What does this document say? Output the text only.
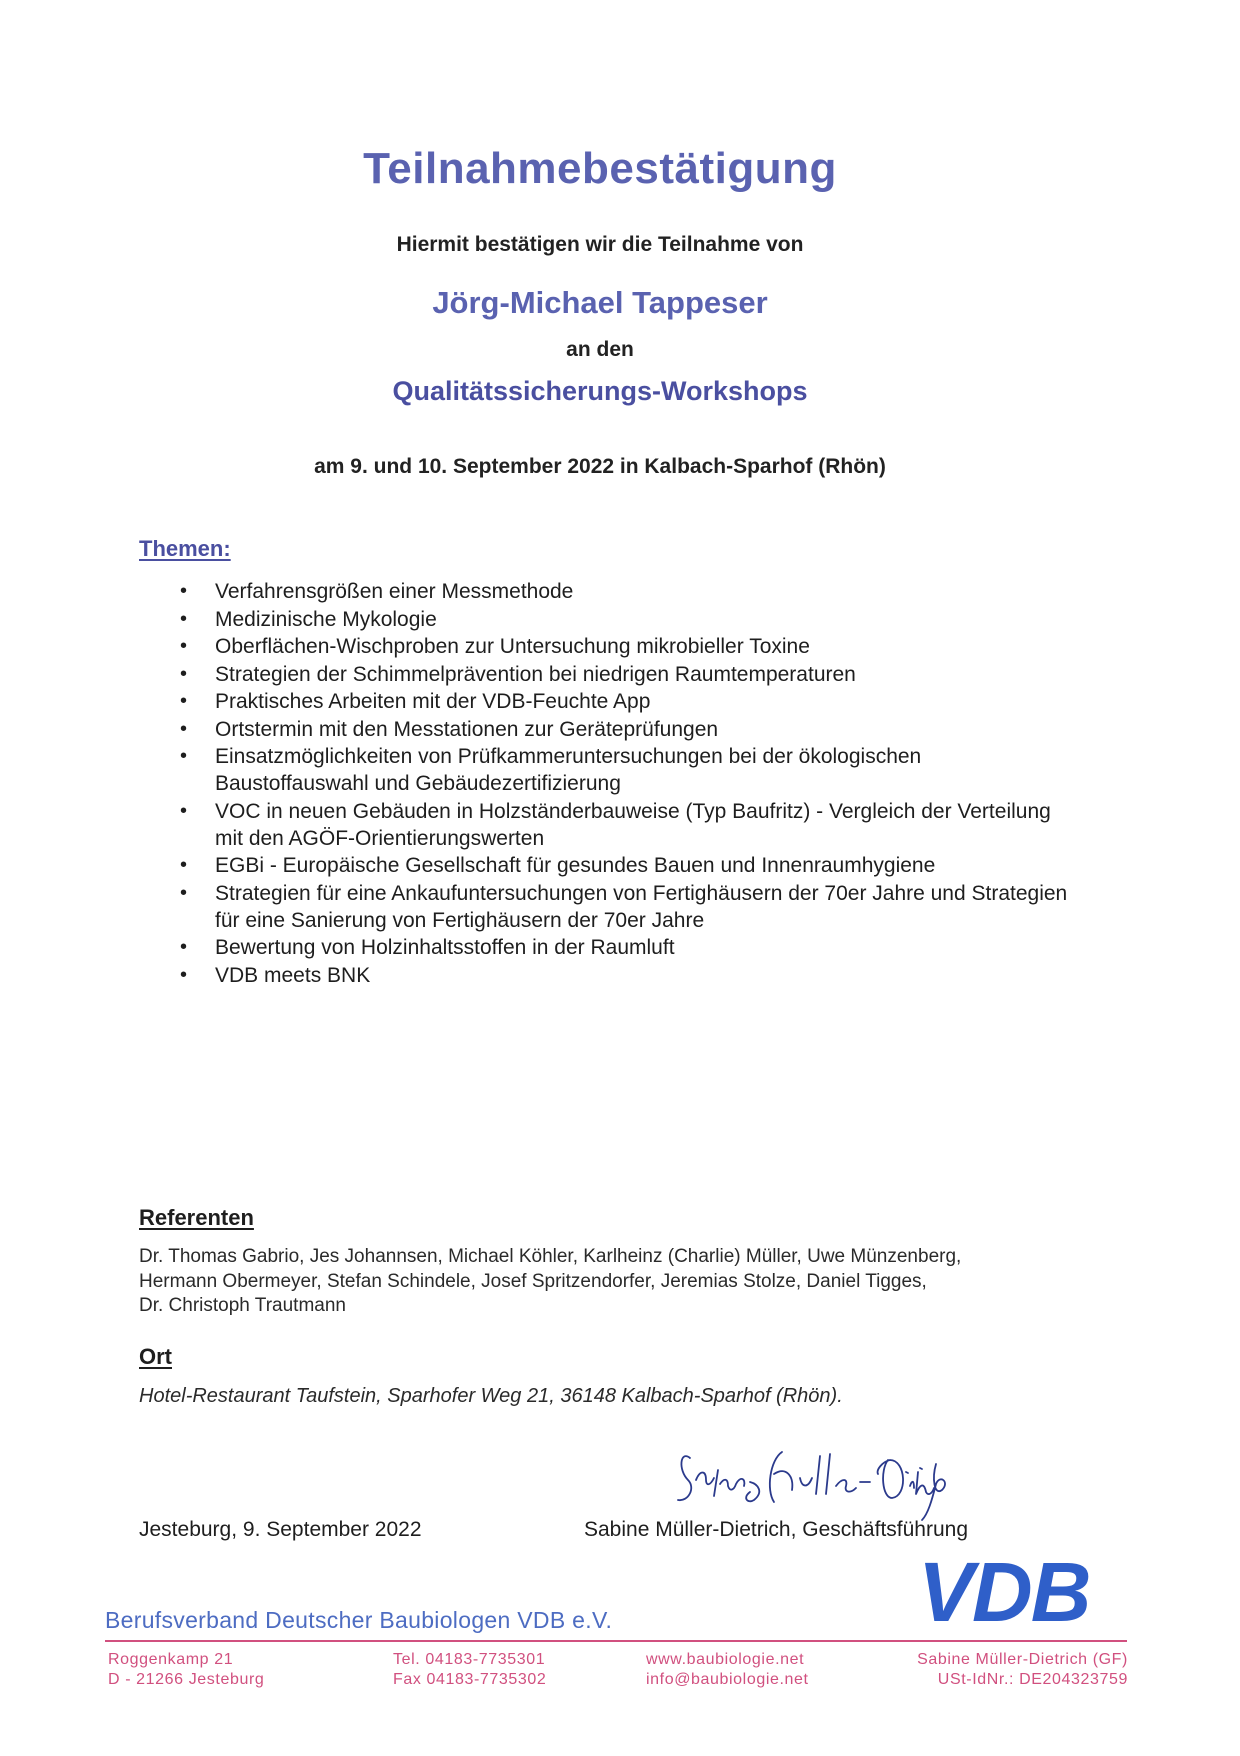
Teilnahmebestätigung
Hiermit bestätigen wir die Teilnahme von
Jörg-Michael Tappeser
an den
Qualitätssicherungs-Workshops
am 9. und 10. September 2022 in Kalbach-Sparhof (Rhön)
Themen:
• Verfahrensgrößen einer Messmethode
• Medizinische Mykologie
• Oberflächen-Wischproben zur Untersuchung mikrobieller Toxine
• Strategien der Schimmelprävention bei niedrigen Raumtemperaturen
• Praktisches Arbeiten mit der VDB-Feuchte App
• Ortstermin mit den Messtationen zur Geräteprüfungen
• Einsatzmöglichkeiten von Prüfkammeruntersuchungen bei der ökologischen Baustoffauswahl und Gebäudezertifizierung
• VOC in neuen Gebäuden in Holzständerbauweise (Typ Baufritz) - Vergleich der Verteilung mit den AGÖF-Orientierungswerten
• EGBi - Europäische Gesellschaft für gesundes Bauen und Innenraumhygiene
• Strategien für eine Ankaufuntersuchungen von Fertighäusern der 70er Jahre und Strategien für eine Sanierung von Fertighäusern der 70er Jahre
• Bewertung von Holzinhaltsstoffen in der Raumluft
• VDB meets BNK
Referenten
Dr. Thomas Gabrio, Jes Johannsen, Michael Köhler, Karlheinz (Charlie) Müller, Uwe Münzenberg,
Hermann Obermeyer, Stefan Schindele, Josef Spritzendorfer, Jeremias Stolze, Daniel Tigges,
Dr. Christoph Trautmann
Ort
Hotel-Restaurant Taufstein, Sparhofer Weg 21, 36148 Kalbach-Sparhof (Rhön).
Jesteburg, 9. September 2022	Sabine Müller-Dietrich, Geschäftsführung
VDB
Berufsverband Deutscher Baubiologen VDB e.V.
Roggenkamp 21
D - 21266 Jesteburg
Tel. 04183-7735301
Fax 04183-7735302
www.baubiologie.net
info@baubiologie.net
Sabine Müller-Dietrich (GF)
USt-IdNr.: DE204323759
